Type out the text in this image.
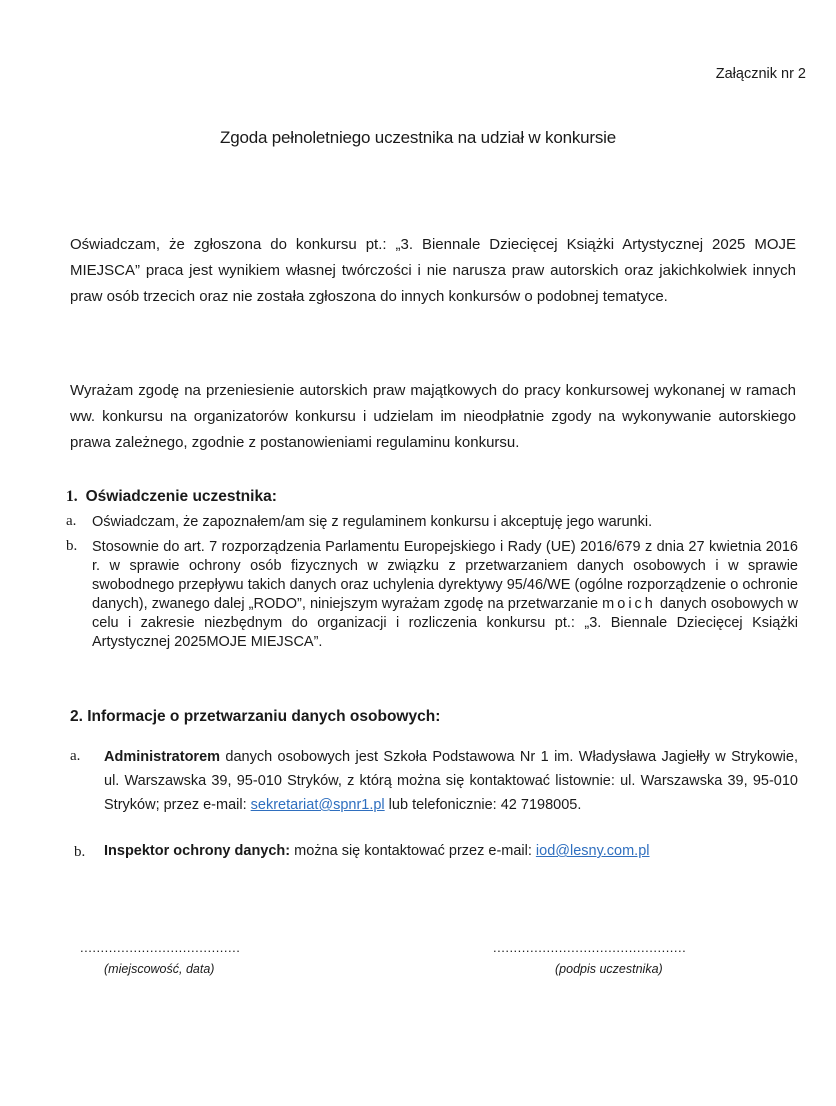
Załącznik nr 2
Zgoda pełnoletniego uczestnika na udział w konkursie
Oświadczam, że zgłoszona do konkursu pt.: „3. Biennale Dziecięcej Książki Artystycznej 2025 MOJE MIEJSCA” praca jest wynikiem własnej twórczości i nie narusza praw autorskich oraz jakichkolwiek innych praw osób trzecich oraz nie została zgłoszona do innych konkursów o podobnej tematyce.
Wyrażam zgodę na przeniesienie autorskich praw majątkowych do pracy konkursowej wykonanej w ramach ww. konkursu na organizatorów konkursu i udzielam im nieodpłatnie zgody na wykonywanie autorskiego prawa zależnego, zgodnie z postanowieniami regulaminu konkursu.
1. Oświadczenie uczestnika:
a. Oświadczam, że zapoznałem/am się z regulaminem konkursu i akceptuję jego warunki.
b. Stosownie do art. 7 rozporządzenia Parlamentu Europejskiego i Rady (UE) 2016/679 z dnia 27 kwietnia 2016 r. w sprawie ochrony osób fizycznych w związku z przetwarzaniem danych osobowych i w sprawie swobodnego przepływu takich danych oraz uchylenia dyrektywy 95/46/WE (ogólne rozporządzenie o ochronie danych), zwanego dalej „RODO”, niniejszym wyrażam zgodę na przetwarzanie moich danych osobowych w celu i zakresie niezbędnym do organizacji i rozliczenia konkursu pt.: „3. Biennale Dziecięcej Książki Artystycznej 2025MOJE MIEJSCA”.
2. Informacje o przetwarzaniu danych osobowych:
a. Administratorem danych osobowych jest Szkoła Podstawowa Nr 1 im. Władysława Jagiełły w Strykowie, ul. Warszawska 39, 95-010 Stryków, z którą można się kontaktować listownie: ul. Warszawska 39, 95-010 Stryków; przez e-mail: sekretariat@spnr1.pl lub telefonicznie: 42 7198005.
b. Inspektor ochrony danych: można się kontaktować przez e-mail: iod@lesny.com.pl
.......................................
(miejscowość, data)
...............................................
(podpis uczestnika)
